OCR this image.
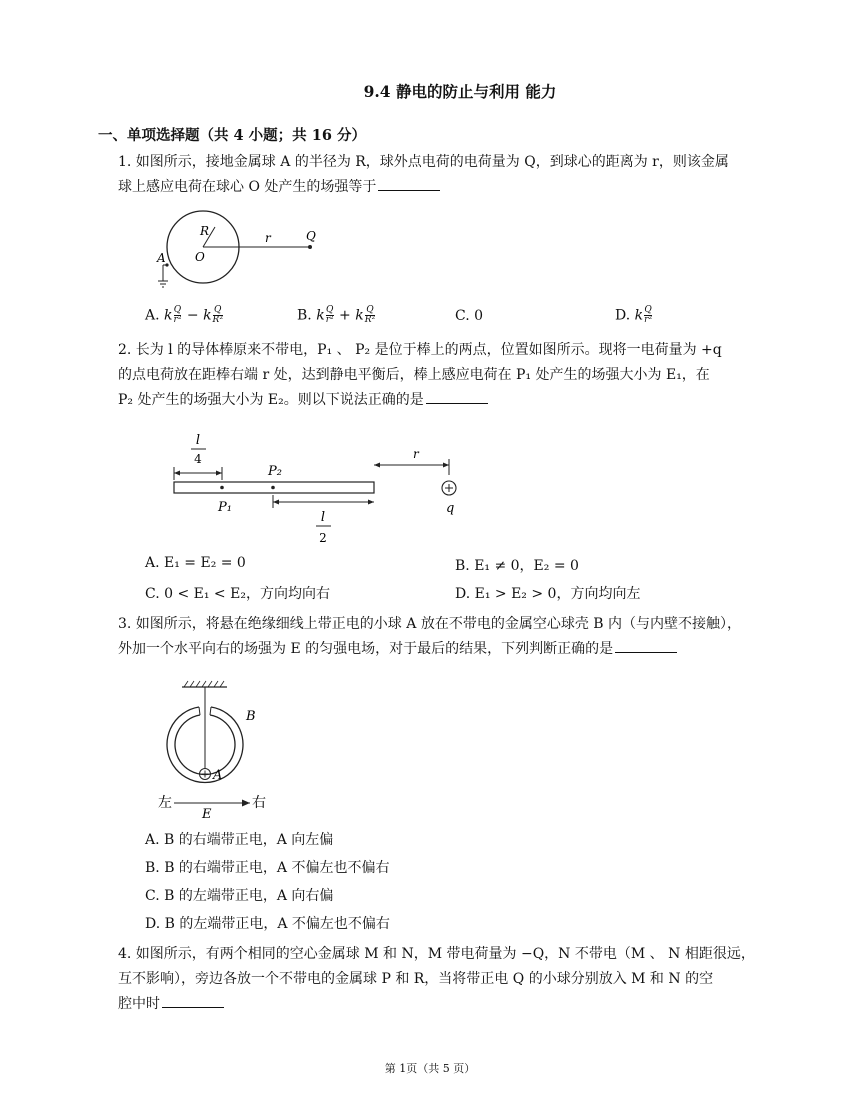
9.4 静电的防止与利用 能力
一、单项选择题（共 4 小题；共 16 分）
1. 如图所示，接地金属球 A 的半径为 R，球外点电荷的电荷量为 Q，到球心的距离为 r，则该金属
球上感应电荷在球心 O 处产生的场强等于
R
O
r	Q
A
A. k $\frac{Q}{\text{r²}} - k \frac{Q}{\text{R²}}$	B. k $\frac{Q}{\text{r²}} + k \frac{Q}{\text{R²}}$	C. 0	D. k $\frac{Q}{\text{r²}}$
2. 长为 l 的导体棒原来不带电，P₁ 、 P₂ 是位于棒上的两点，位置如图所示。现将一电荷量为 +q
的点电荷放在距棒右端 r 处，达到静电平衡后，棒上感应电荷在 P₁ 处产生的场强大小为 E₁，在
P₂ 处产生的场强大小为 E₂。则以下说法正确的是
l
4
P₁
P₂
l
2
r
q
A. E₁ = E₂ = 0	B. E₁ ≠ 0，E₂ = 0
C. 0 < E₁ < E₂，方向均向右	D. E₁ > E₂ > 0，方向均向左
3. 如图所示，将悬在绝缘细线上带正电的小球 A 放在不带电的金属空心球壳 B 内（与内壁不接触），
外加一个水平向右的场强为 E 的匀强电场，对于最后的结果，下列判断正确的是
B
A
左
E
右
A. B 的右端带正电，A 向左偏
B. B 的右端带正电，A 不偏左也不偏右
C. B 的左端带正电，A 向右偏
D. B 的左端带正电，A 不偏左也不偏右
4. 如图所示，有两个相同的空心金属球 M 和 N，M 带电荷量为 −Q，N 不带电（M 、 N 相距很远，
互不影响），旁边各放一个不带电的金属球 P 和 R，当将带正电 Q 的小球分别放入 M 和 N 的空
腔中时
第 1页（共 5 页）
